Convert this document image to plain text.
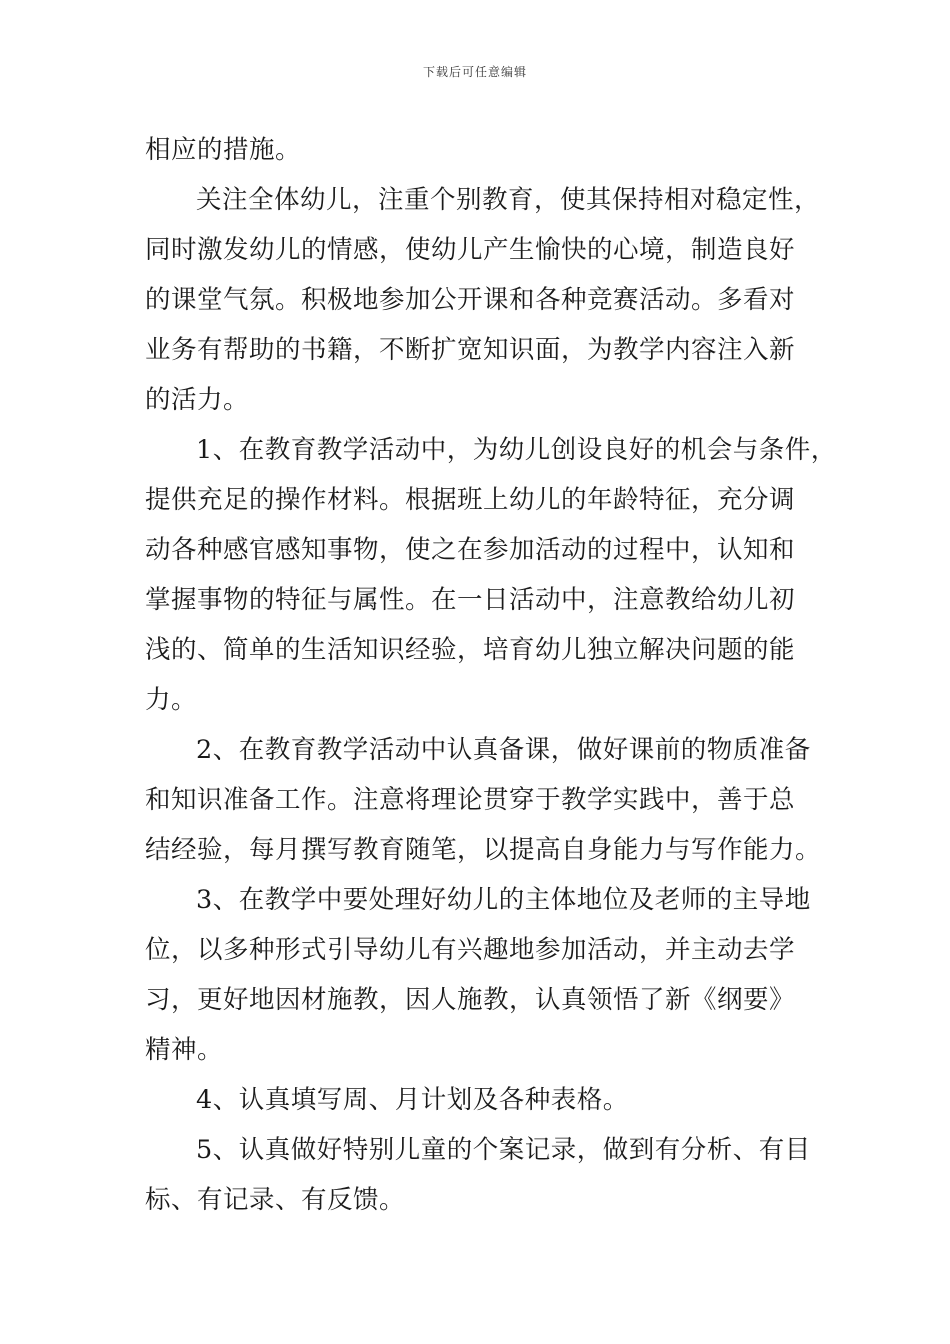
下载后可任意编辑
相应的措施。
关注全体幼儿，注重个别教育，使其保持相对稳定性，
同时激发幼儿的情感，使幼儿产生愉快的心境，制造良好
的课堂气氛。积极地参加公开课和各种竞赛活动。多看对
业务有帮助的书籍，不断扩宽知识面，为教学内容注入新
的活力。
1、在教育教学活动中，为幼儿创设良好的机会与条件，
提供充足的操作材料。根据班上幼儿的年龄特征，充分调
动各种感官感知事物，使之在参加活动的过程中，认知和
掌握事物的特征与属性。在一日活动中，注意教给幼儿初
浅的、简单的生活知识经验，培育幼儿独立解决问题的能
力。
2、在教育教学活动中认真备课，做好课前的物质准备
和知识准备工作。注意将理论贯穿于教学实践中，善于总
结经验，每月撰写教育随笔，以提高自身能力与写作能力。
3、在教学中要处理好幼儿的主体地位及老师的主导地
位，以多种形式引导幼儿有兴趣地参加活动，并主动去学
习，更好地因材施教，因人施教，认真领悟了新《纲要》
精神。
4、认真填写周、月计划及各种表格。
5、认真做好特别儿童的个案记录，做到有分析、有目
标、有记录、有反馈。
